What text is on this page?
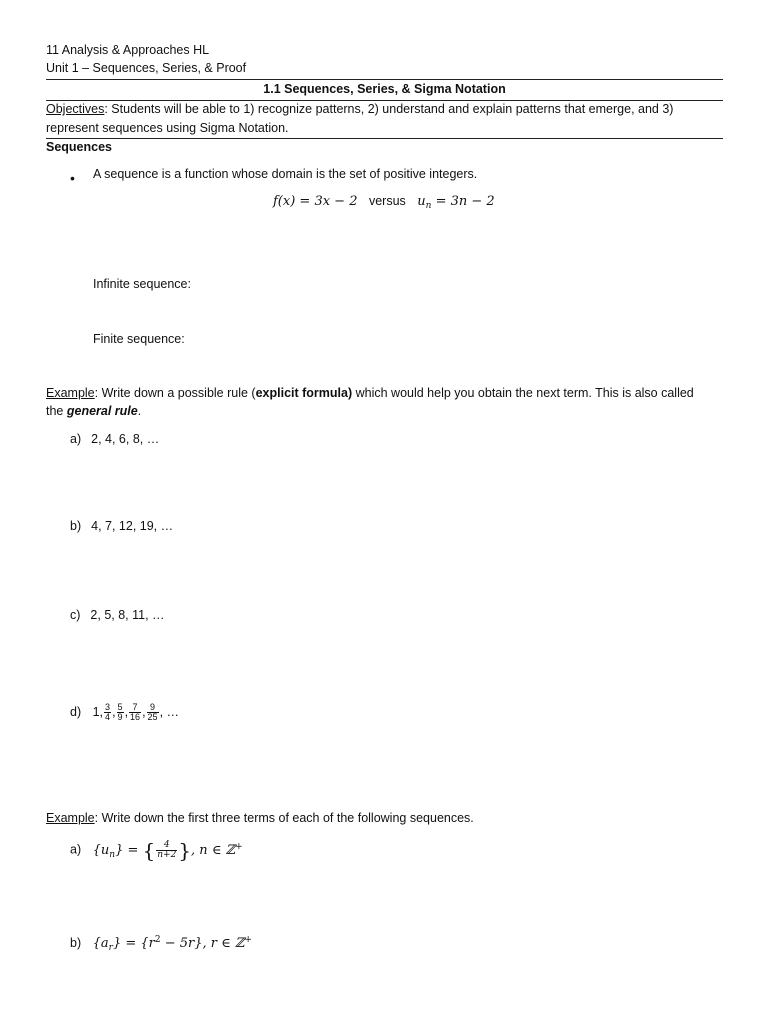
11 Analysis & Approaches HL
Unit 1 – Sequences, Series, & Proof
1.1 Sequences, Series, & Sigma Notation
Objectives: Students will be able to 1) recognize patterns, 2) understand and explain patterns that emerge, and 3)
represent sequences using Sigma Notation.
Sequences
• A sequence is a function whose domain is the set of positive integers.
f(x) = 3x − 2 versus $u_n = 3n - 2$
Infinite sequence:
Finite sequence:
Example: Write down a possible rule (explicit formula) which would help you obtain the next term. This is also called
the general rule.
a) 2, 4, 6, 8, …
b) 4, 7, 12, 19, …
c) 2, 5, 8, 11, …
d) 1, $\frac{3}{4}$ , $\frac{5}{9}$ , $\frac{7}{16}$ , $\frac{9}{25}$ , …
Example: Write down the first three terms of each of the following sequences.
a) $\{u_n\}$ = { $\frac{4}{n+2}$ }, n ∈ ℤ+
b) $\{a_r\} = \{r^2 - 5r\}$, r ∈ ℤ+
